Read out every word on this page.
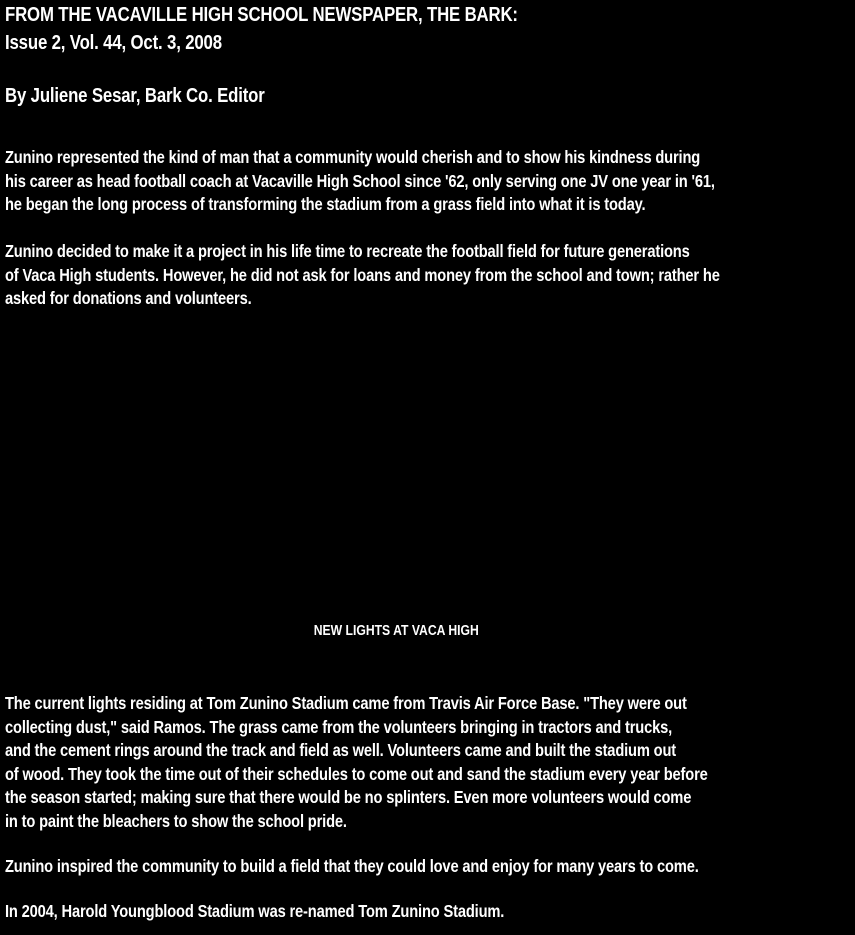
FROM THE VACAVILLE HIGH SCHOOL NEWSPAPER, THE BARK:
Issue 2, Vol. 44, Oct. 3, 2008
By Juliene Sesar, Bark Co. Editor
Zunino represented the kind of man that a community would cherish and to show his kindness during
his career as head football coach at Vacaville High School since '62, only serving one JV one year in '61,
he began the long process of transforming the stadium from a grass field into what it is today.
Zunino decided to make it a project in his life time to recreate the football field for future generations
of Vaca High students. However, he did not ask for loans and money from the school and town; rather he
asked for donations and volunteers.
NEW LIGHTS AT VACA HIGH
The current lights residing at Tom Zunino Stadium came from Travis Air Force Base. "They were out
collecting dust," said Ramos. The grass came from the volunteers bringing in tractors and trucks,
and the cement rings around the track and field as well. Volunteers came and built the stadium out
of wood. They took the time out of their schedules to come out and sand the stadium every year before
the season started; making sure that there would be no splinters. Even more volunteers would come
in to paint the bleachers to show the school pride.
Zunino inspired the community to build a field that they could love and enjoy for many years to come.
In 2004, Harold Youngblood Stadium was re-named Tom Zunino Stadium.
